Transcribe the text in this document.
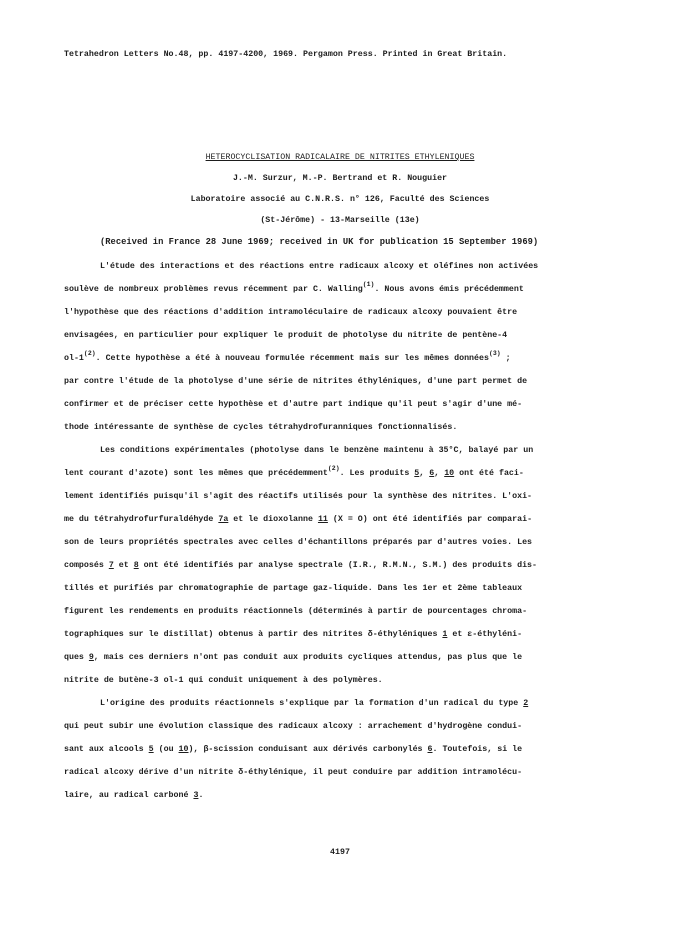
Tetrahedron Letters No.48, pp. 4197-4200, 1969. Pergamon Press. Printed in Great Britain.
HETEROCYCLISATION RADICALAIRE DE NITRITES ETHYLENIQUES
J.-M. Surzur, M.-P. Bertrand et R. Nouguier
Laboratoire associé au C.N.R.S. n° 126, Faculté des Sciences
(St-Jérôme) - 13-Marseille (13e)
(Received in France 28 June 1969; received in UK for publication 15 September 1969)
L'étude des interactions et des réactions entre radicaux alcoxy et oléfines non activées
soulève de nombreux problèmes revus récemment par C. Walling$^{(1)}$. Nous avons émis précédemment
l'hypothèse que des réactions d'addition intramoléculaire de radicaux alcoxy pouvaient être
envisagées, en particulier pour expliquer le produit de photolyse du nitrite de pentène-4
ol-1$^{(2)}$. Cette hypothèse a été à nouveau formulée récemment mais sur les mêmes données$^{(3)}$ ;
par contre l'étude de la photolyse d'une série de nitrites éthyléniques, d'une part permet de
confirmer et de préciser cette hypothèse et d'autre part indique qu'il peut s'agir d'une mé-
thode intéressante de synthèse de cycles tétrahydrofuranniques fonctionnalisés.
Les conditions expérimentales (photolyse dans le benzène maintenu à 35°C, balayé par un
lent courant d'azote) sont les mêmes que précédemment$^{(2)}$. Les produits 5, 6, 10 ont été faci-
lement identifiés puisqu'il s'agit des réactifs utilisés pour la synthèse des nitrites. L'oxi-
me du tétrahydrofurfuraldéhyde 7a et le dioxolanne 11 (X = O) ont été identifiés par comparai-
son de leurs propriétés spectrales avec celles d'échantillons préparés par d'autres voies. Les
composés 7 et 8 ont été identifiés par analyse spectrale (I.R., R.M.N., S.M.) des produits dis-
tillés et purifiés par chromatographie de partage gaz-liquide. Dans les 1er et 2ème tableaux
figurent les rendements en produits réactionnels (déterminés à partir de pourcentages chroma-
tographiques sur le distillat) obtenus à partir des nitrites δ-éthyléniques 1 et ε-éthyléni-
ques 9, mais ces derniers n'ont pas conduit aux produits cycliques attendus, pas plus que le
nitrite de butène-3 ol-1 qui conduit uniquement à des polymères.
L'origine des produits réactionnels s'explique par la formation d'un radical du type 2
qui peut subir une évolution classique des radicaux alcoxy : arrachement d'hydrogène condui-
sant aux alcools 5 (ou 10), β-scission conduisant aux dérivés carbonylés 6. Toutefois, si le
radical alcoxy dérive d'un nitrite δ-éthylénique, il peut conduire par addition intramolécu-
laire, au radical carboné 3.
4197
